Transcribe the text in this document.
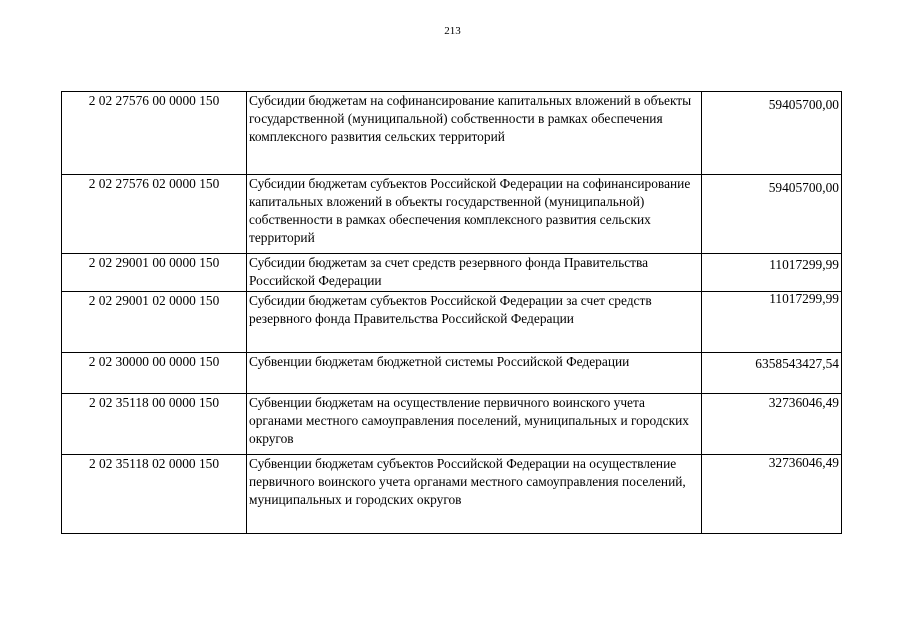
213
2 02 27576 00 0000 150	Субсидии бюджетам на софинансирование капитальных вложений в объекты государственной (муниципальной) собственности в рамках обеспечения комплексного развития сельских территорий	59405700,00
2 02 27576 02 0000 150	Субсидии бюджетам субъектов Российской Федерации на софинансирование капитальных вложений в объекты государственной (муниципальной) собственности в рамках обеспечения комплексного развития сельских территорий	59405700,00
2 02 29001 00 0000 150	Субсидии бюджетам за счет средств резервного фонда Правительства Российской Федерации	11017299,99
2 02 29001 02 0000 150	Субсидии бюджетам субъектов Российской Федерации за счет средств резервного фонда Правительства Российской Федерации	11017299,99
2 02 30000 00 0000 150	Субвенции бюджетам бюджетной системы Российской Федерации	6358543427,54
2 02 35118 00 0000 150	Субвенции бюджетам на осуществление первичного воинского учета органами местного самоуправления поселений, муниципальных и городских округов	32736046,49
2 02 35118 02 0000 150	Субвенции бюджетам субъектов Российской Федерации на осуществление первичного воинского учета органами местного самоуправления поселений, муниципальных и городских округов	32736046,49
